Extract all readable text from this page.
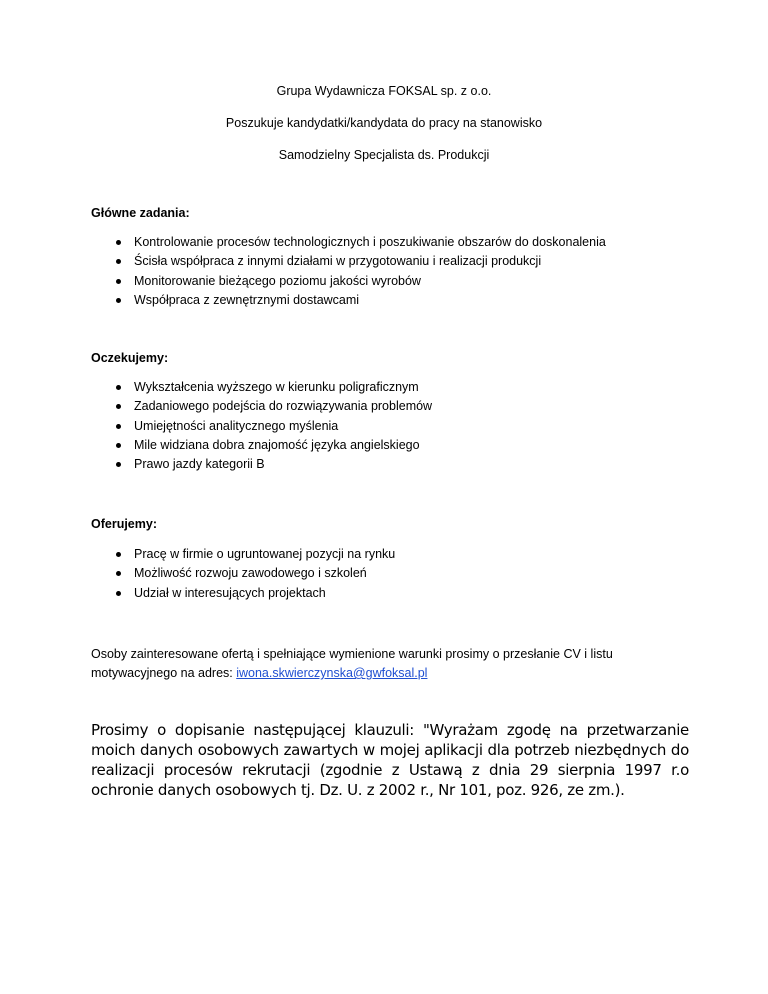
Grupa Wydawnicza FOKSAL sp. z o.o.
Poszukuje kandydatki/kandydata do pracy na stanowisko
Samodzielny Specjalista ds. Produkcji
Główne zadania:
Kontrolowanie procesów technologicznych i poszukiwanie obszarów do doskonalenia
Ścisła współpraca z innymi działami w przygotowaniu i realizacji produkcji
Monitorowanie bieżącego poziomu jakości wyrobów
Współpraca z zewnętrznymi dostawcami
Oczekujemy:
Wykształcenia wyższego w kierunku poligraficznym
Zadaniowego podejścia do rozwiązywania problemów
Umiejętności analitycznego myślenia
Mile widziana dobra znajomość języka angielskiego
Prawo jazdy kategorii B
Oferujemy:
Pracę w firmie o ugruntowanej pozycji na rynku
Możliwość rozwoju zawodowego i szkoleń
Udział w interesujących projektach
Osoby zainteresowane ofertą i spełniające wymienione warunki prosimy o przesłanie CV i listu motywacyjnego na adres: iwona.skwierczynska@gwfoksal.pl
Prosimy o dopisanie następującej klauzuli: "Wyrażam zgodę na przetwarzanie moich danych osobowych zawartych w mojej aplikacji dla potrzeb niezbędnych do realizacji procesów rekrutacji (zgodnie z Ustawą z dnia 29 sierpnia 1997 r.o ochronie danych osobowych tj. Dz. U. z 2002 r., Nr 101, poz. 926, ze zm.).
